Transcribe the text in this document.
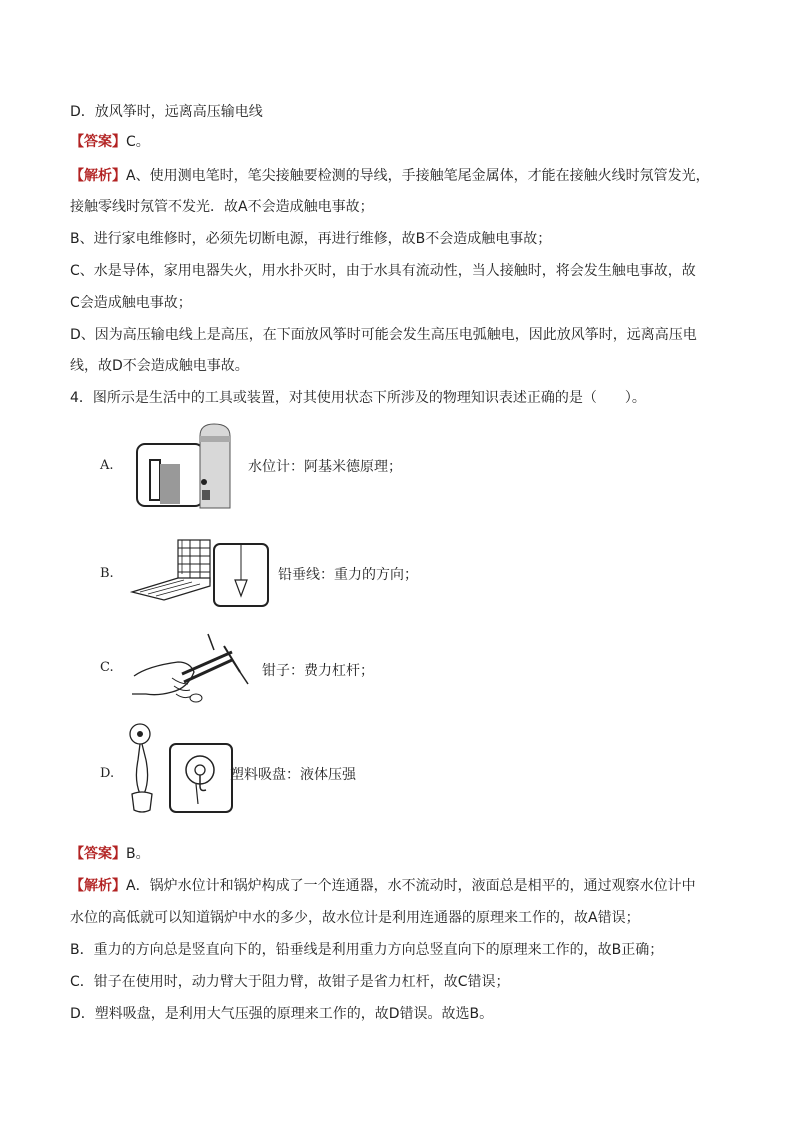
D．放风筝时，远离高压输电线
【答案】C。
【解析】A、使用测电笔时，笔尖接触要检测的导线，手接触笔尾金属体，才能在接触火线时氖管发光，
接触零线时氖管不发光．故A不会造成触电事故；
B、进行家电维修时，必须先切断电源，再进行维修，故B不会造成触电事故；
C、水是导体，家用电器失火，用水扑灭时，由于水具有流动性，当人接触时，将会发生触电事故，故
C会造成触电事故；
D、因为高压输电线上是高压，在下面放风筝时可能会发生高压电弧触电，因此放风筝时，远离高压电
线，故D不会造成触电事故。
4．图所示是生活中的工具或装置，对其使用状态下所涉及的物理知识表述正确的是（　　）。
A.	水位计：阿基米德原理；
B.	铅垂线：重力的方向；
C.	钳子：费力杠杆；
D.	塑料吸盘：液体压强
【答案】B。
【解析】A．锅炉水位计和锅炉构成了一个连通器，水不流动时，液面总是相平的，通过观察水位计中
水位的高低就可以知道锅炉中水的多少，故水位计是利用连通器的原理来工作的，故A错误；
B．重力的方向总是竖直向下的，铅垂线是利用重力方向总竖直向下的原理来工作的，故B正确；
C．钳子在使用时，动力臂大于阻力臂，故钳子是省力杠杆，故C错误；
D．塑料吸盘，是利用大气压强的原理来工作的，故D错误。故选B。
